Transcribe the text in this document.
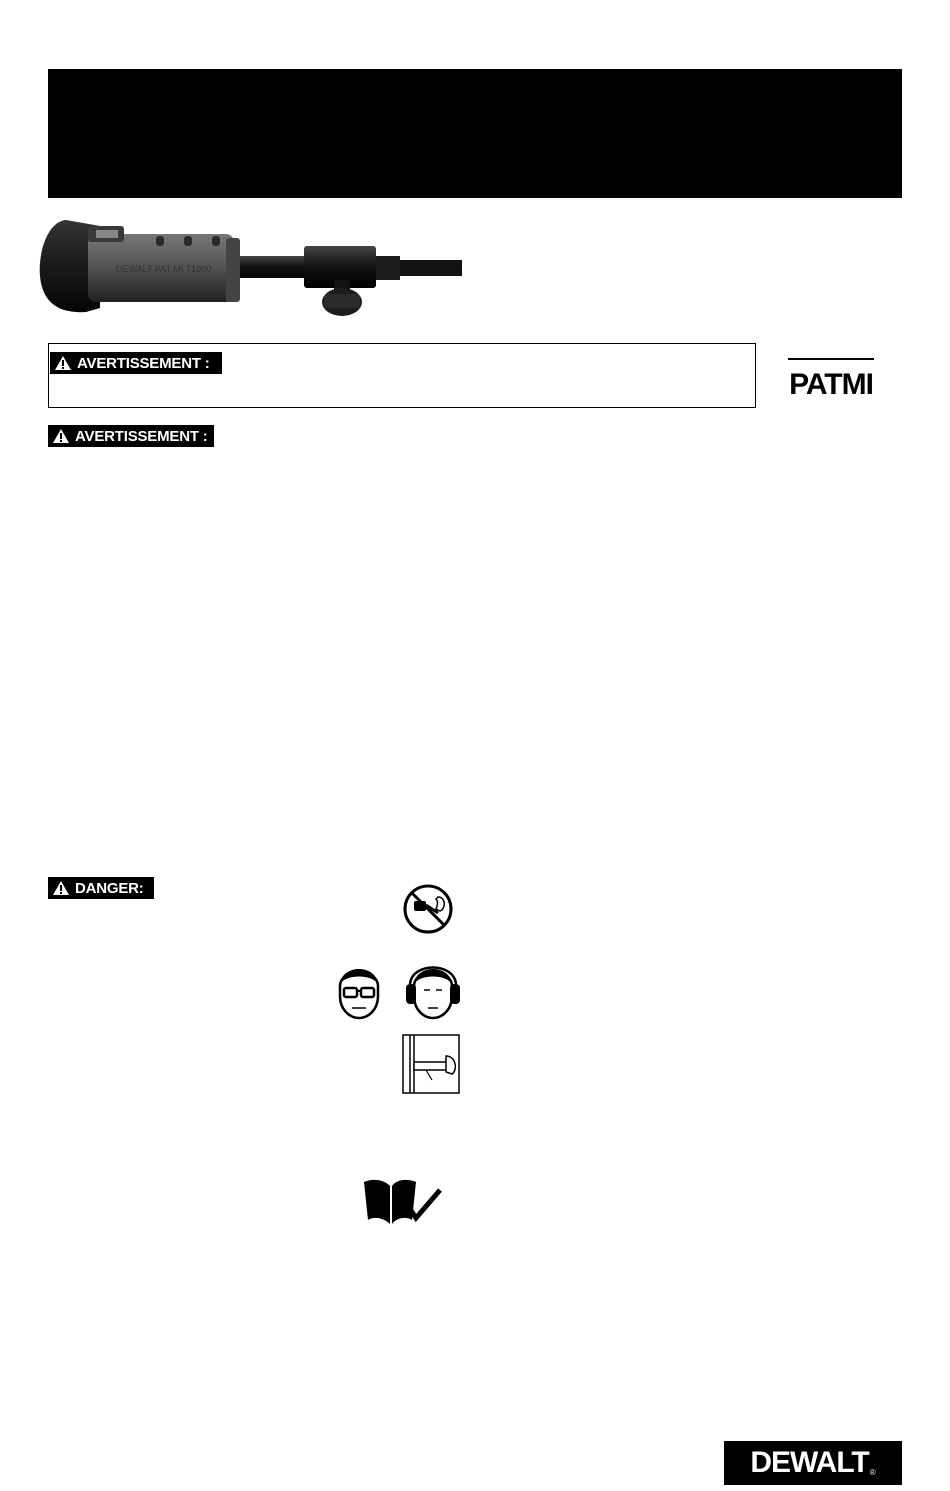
DEWALT PAT MI T1000
AVERTISSEMENT :
AVERTISSEMENT :
DANGER:
PATMI
DEWALT ®
